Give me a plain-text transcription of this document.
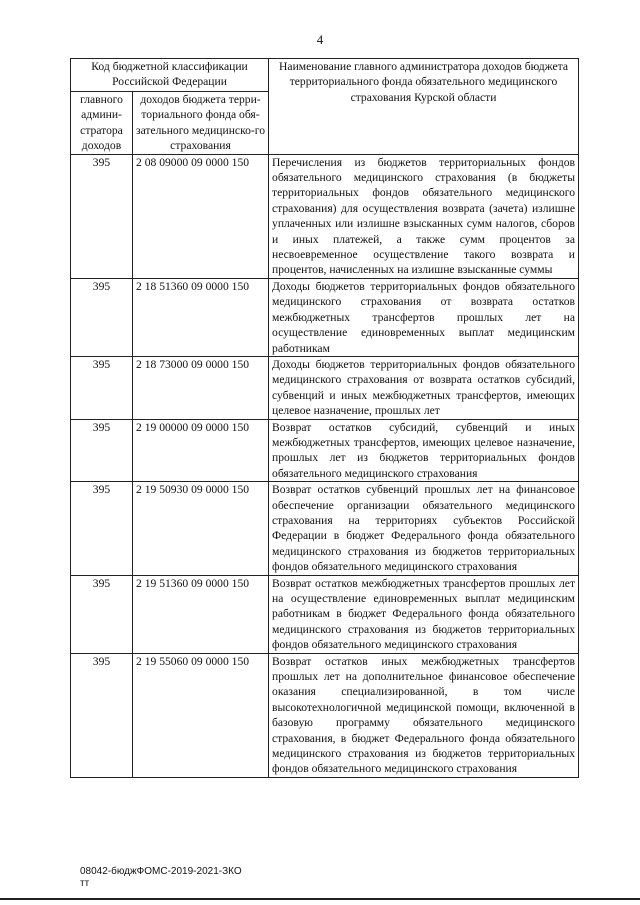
4
Код бюджетной классификации Российской Федерации		Наименование главного администратора доходов бюджета территориального фонда обязательного медицинского страхования Курской области
главного админи-стратора доходов	доходов бюджета терри-ториального фонда обя-зательного медицинско-го страхования	
395	2 08 09000 09 0000 150	Перечисления из бюджетов территориальных фондов обязательного медицинского страхования (в бюджеты территориальных фондов обязательного медицинского страхования) для осуществления возврата (зачета) излишне уплаченных или излишне взысканных сумм налогов, сборов и иных платежей, а также сумм процентов за несвоевременное осуществление такого возврата и процентов, начисленных на излишне взысканные суммы
395	2 18 51360 09 0000 150	Доходы бюджетов территориальных фондов обязательного медицинского страхования от возврата остатков межбюджетных трансфертов прошлых лет на осуществление единовременных выплат медицинским работникам
395	2 18 73000 09 0000 150	Доходы бюджетов территориальных фондов обязательного медицинского страхования от возврата остатков субсидий, субвенций и иных межбюджетных трансфертов, имеющих целевое назначение, прошлых лет
395	2 19 00000 09 0000 150	Возврат остатков субсидий, субвенций и иных межбюджетных трансфертов, имеющих целевое назначение, прошлых лет из бюджетов территориальных фондов обязательного медицинского страхования
395	2 19 50930 09 0000 150	Возврат остатков субвенций прошлых лет на финансовое обеспечение организации обязательного медицинского страхования на территориях субъектов Российской Федерации в бюджет Федерального фонда обязательного медицинского страхования из бюджетов территориальных фондов обязательного медицинского страхования
395	2 19 51360 09 0000 150	Возврат остатков межбюджетных трансфертов прошлых лет на осуществление единовременных выплат медицинским работникам в бюджет Федерального фонда обязательного медицинского страхования из бюджетов территориальных фондов обязательного медицинского страхования
395	2 19 55060 09 0000 150	Возврат остатков иных межбюджетных трансфертов прошлых лет на дополнительное финансовое обеспечение оказания специализированной, в том числе высокотехнологичной медицинской помощи, включенной в базовую программу обязательного медицинского страхования, в бюджет Федерального фонда обязательного медицинского страхования из бюджетов территориальных фондов обязательного медицинского страхования
08042-бюджФОМС-2019-2021-ЗКО
тт
